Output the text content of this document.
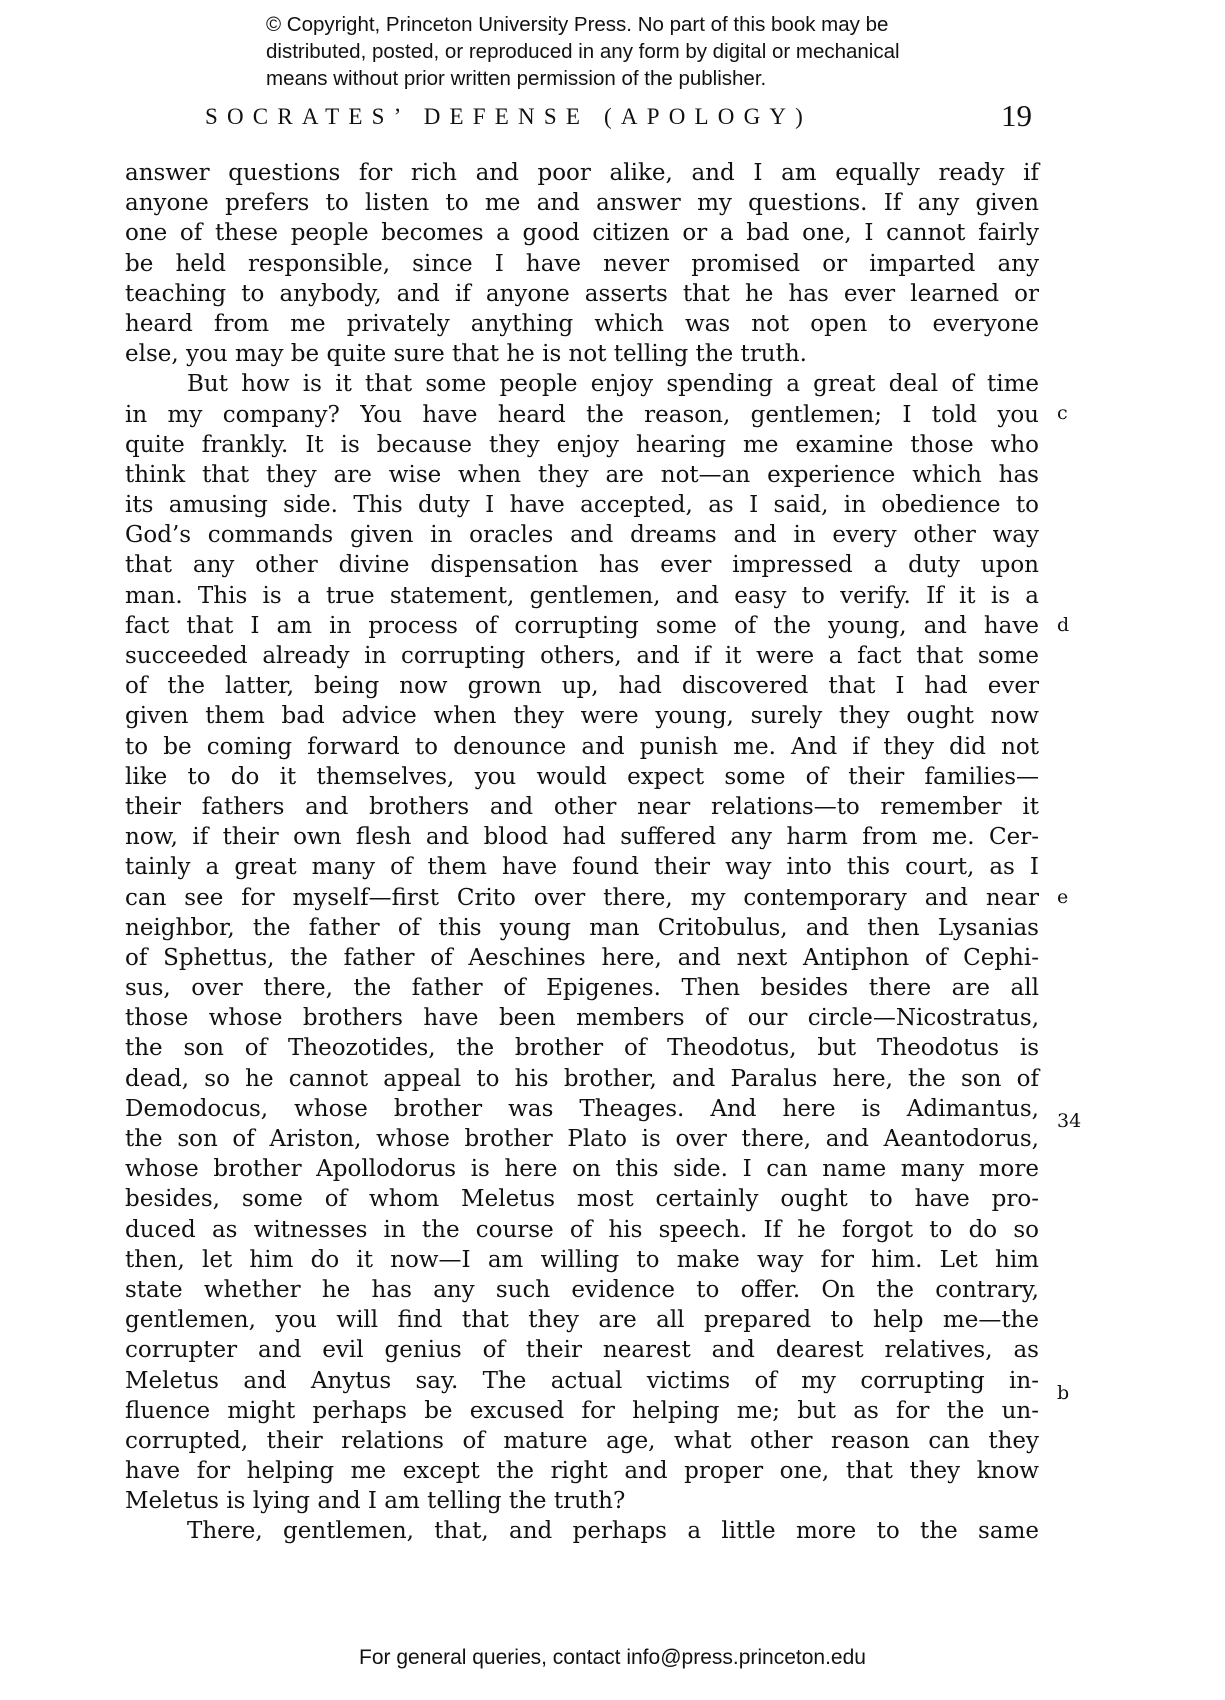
© Copyright, Princeton University Press. No part of this book may be
distributed, posted, or reproduced in any form by digital or mechanical
means without prior written permission of the publisher.
SOCRATES’ DEFENSE (APOLOGY)	19
answer questions for rich and poor alike, and I am equally ready if
anyone prefers to listen to me and answer my questions. If any given
one of these people becomes a good citizen or a bad one, I cannot fairly
be held responsible, since I have never promised or imparted any
teaching to anybody, and if anyone asserts that he has ever learned or
heard from me privately anything which was not open to everyone
else, you may be quite sure that he is not telling the truth.
But how is it that some people enjoy spending a great deal of time
in my company? You have heard the reason, gentlemen; I told you
quite frankly. It is because they enjoy hearing me examine those who
think that they are wise when they are not—an experience which has
its amusing side. This duty I have accepted, as I said, in obedience to
God’s commands given in oracles and dreams and in every other way
that any other divine dispensation has ever impressed a duty upon
man. This is a true statement, gentlemen, and easy to verify. If it is a
fact that I am in process of corrupting some of the young, and have
succeeded already in corrupting others, and if it were a fact that some
of the latter, being now grown up, had discovered that I had ever
given them bad advice when they were young, surely they ought now
to be coming forward to denounce and punish me. And if they did not
like to do it themselves, you would expect some of their families—
their fathers and brothers and other near relations—to remember it
now, if their own flesh and blood had suffered any harm from me. Cer-
tainly a great many of them have found their way into this court, as I
can see for myself—first Crito over there, my contemporary and near
neighbor, the father of this young man Critobulus, and then Lysanias
of Sphettus, the father of Aeschines here, and next Antiphon of Cephi-
sus, over there, the father of Epigenes. Then besides there are all
those whose brothers have been members of our circle—Nicostratus,
the son of Theozotides, the brother of Theodotus, but Theodotus is
dead, so he cannot appeal to his brother, and Paralus here, the son of
Demodocus, whose brother was Theages. And here is Adimantus,
the son of Ariston, whose brother Plato is over there, and Aeantodorus,
whose brother Apollodorus is here on this side. I can name many more
besides, some of whom Meletus most certainly ought to have pro-
duced as witnesses in the course of his speech. If he forgot to do so
then, let him do it now—I am willing to make way for him. Let him
state whether he has any such evidence to offer. On the contrary,
gentlemen, you will find that they are all prepared to help me—the
corrupter and evil genius of their nearest and dearest relatives, as
Meletus and Anytus say. The actual victims of my corrupting in-
fluence might perhaps be excused for helping me; but as for the un-
corrupted, their relations of mature age, what other reason can they
have for helping me except the right and proper one, that they know
Meletus is lying and I am telling the truth?
There, gentlemen, that, and perhaps a little more to the same
c
d
e
34
b
For general queries, contact info@press.princeton.edu
